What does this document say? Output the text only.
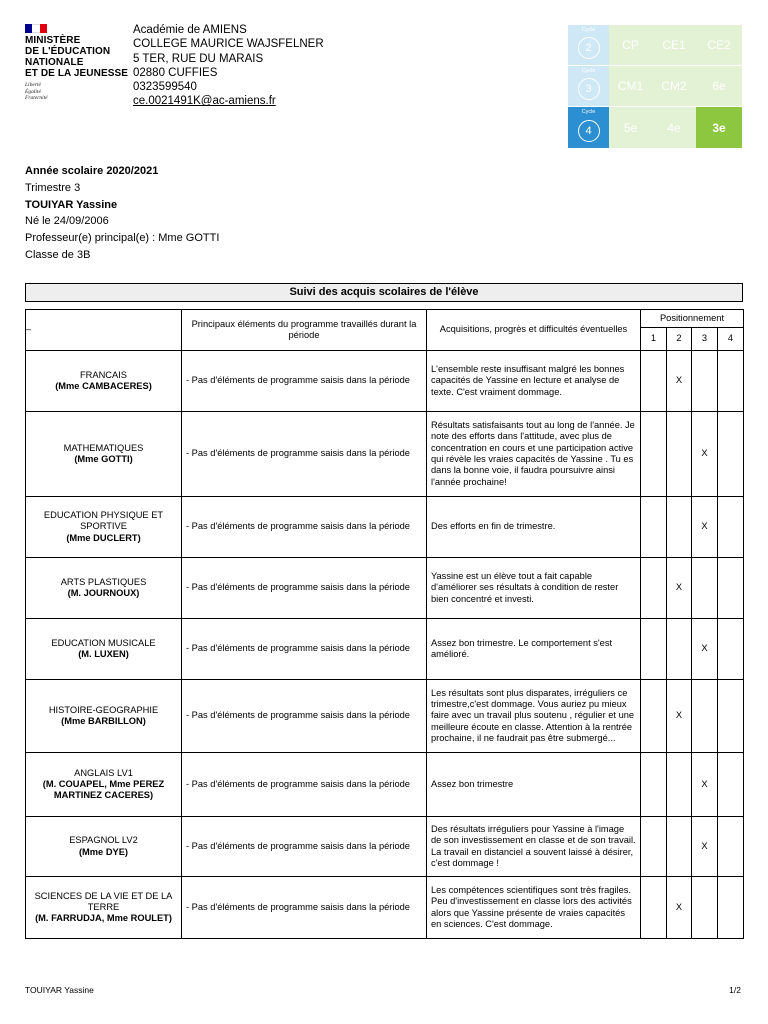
MINISTÈRE
DE L'ÉDUCATION
NATIONALE
ET DE LA JEUNESSE
Liberté
Égalité
Fraternité
Académie de AMIENS
COLLEGE MAURICE WAJSFELNER
5 TER, RUE DU MARAIS
02880 CUFFIES
0323599540
ce.0021491K@ac-amiens.fr
Cycle
2	CP	CE1	CE2
Cycle
3	CM1	CM2	6e
Cycle
4	5e	4e	3e
Année scolaire 2020/2021
Trimestre 3
TOUIYAR Yassine
Né le 24/09/2006
Professeur(e) principal(e) : Mme GOTTI
Classe de 3B
Suivi des acquis scolaires de l'élève
–	Principaux éléments du programme travaillés durant la période	Acquisitions, progrès et difficultés éventuelles	Positionnement			
			1	2	3	4

FRANCAIS
(Mme CAMBACERES)	- Pas d'éléments de programme saisis dans la période	L'ensemble reste insuffisant malgré les bonnes capacités de Yassine en lecture et analyse de texte. C'est vraiment dommage.		X		

MATHEMATIQUES
(Mme GOTTI)	- Pas d'éléments de programme saisis dans la période	Résultats satisfaisants tout au long de l'année. Je note des efforts dans l'attitude, avec plus de concentration en cours et une participation active qui révèle les vraies capacités de Yassine . Tu es dans la bonne voie, il faudra poursuivre ainsi l'année prochaine!			X	

EDUCATION PHYSIQUE ET SPORTIVE
(Mme DUCLERT)	- Pas d'éléments de programme saisis dans la période	Des efforts en fin de trimestre.			X	

ARTS PLASTIQUES
(M. JOURNOUX)	- Pas d'éléments de programme saisis dans la période	Yassine est un élève tout a fait capable d'améliorer ses résultats à condition de rester bien concentré et investi.		X		

EDUCATION MUSICALE
(M. LUXEN)	- Pas d'éléments de programme saisis dans la période	Assez bon trimestre. Le comportement s'est amélioré.			X	

HISTOIRE-GEOGRAPHIE
(Mme BARBILLON)	- Pas d'éléments de programme saisis dans la période	Les résultats sont plus disparates, irréguliers ce trimestre,c'est dommage. Vous auriez pu mieux faire avec un travail plus soutenu , régulier et une meilleure écoute en classe. Attention à la rentrée prochaine, il ne faudrait pas être submergé...		X		

ANGLAIS LV1
(M. COUAPEL, Mme PEREZ MARTINEZ CACERES)	- Pas d'éléments de programme saisis dans la période	Assez bon trimestre			X	

ESPAGNOL LV2
(Mme DYE)	- Pas d'éléments de programme saisis dans la période	Des résultats irréguliers pour Yassine à l'image de son investissement en classe et de son travail. La travail en distanciel a souvent laissé à désirer, c'est dommage !			X	

SCIENCES DE LA VIE ET DE LA TERRE
(M. FARRUDJA, Mme ROULET)	- Pas d'éléments de programme saisis dans la période	Les compétences scientifiques sont très fragiles. Peu d'investissement en classe lors des activités alors que Yassine présente de vraies capacités en sciences. C'est dommage.		X		
TOUIYAR Yassine	1/2
